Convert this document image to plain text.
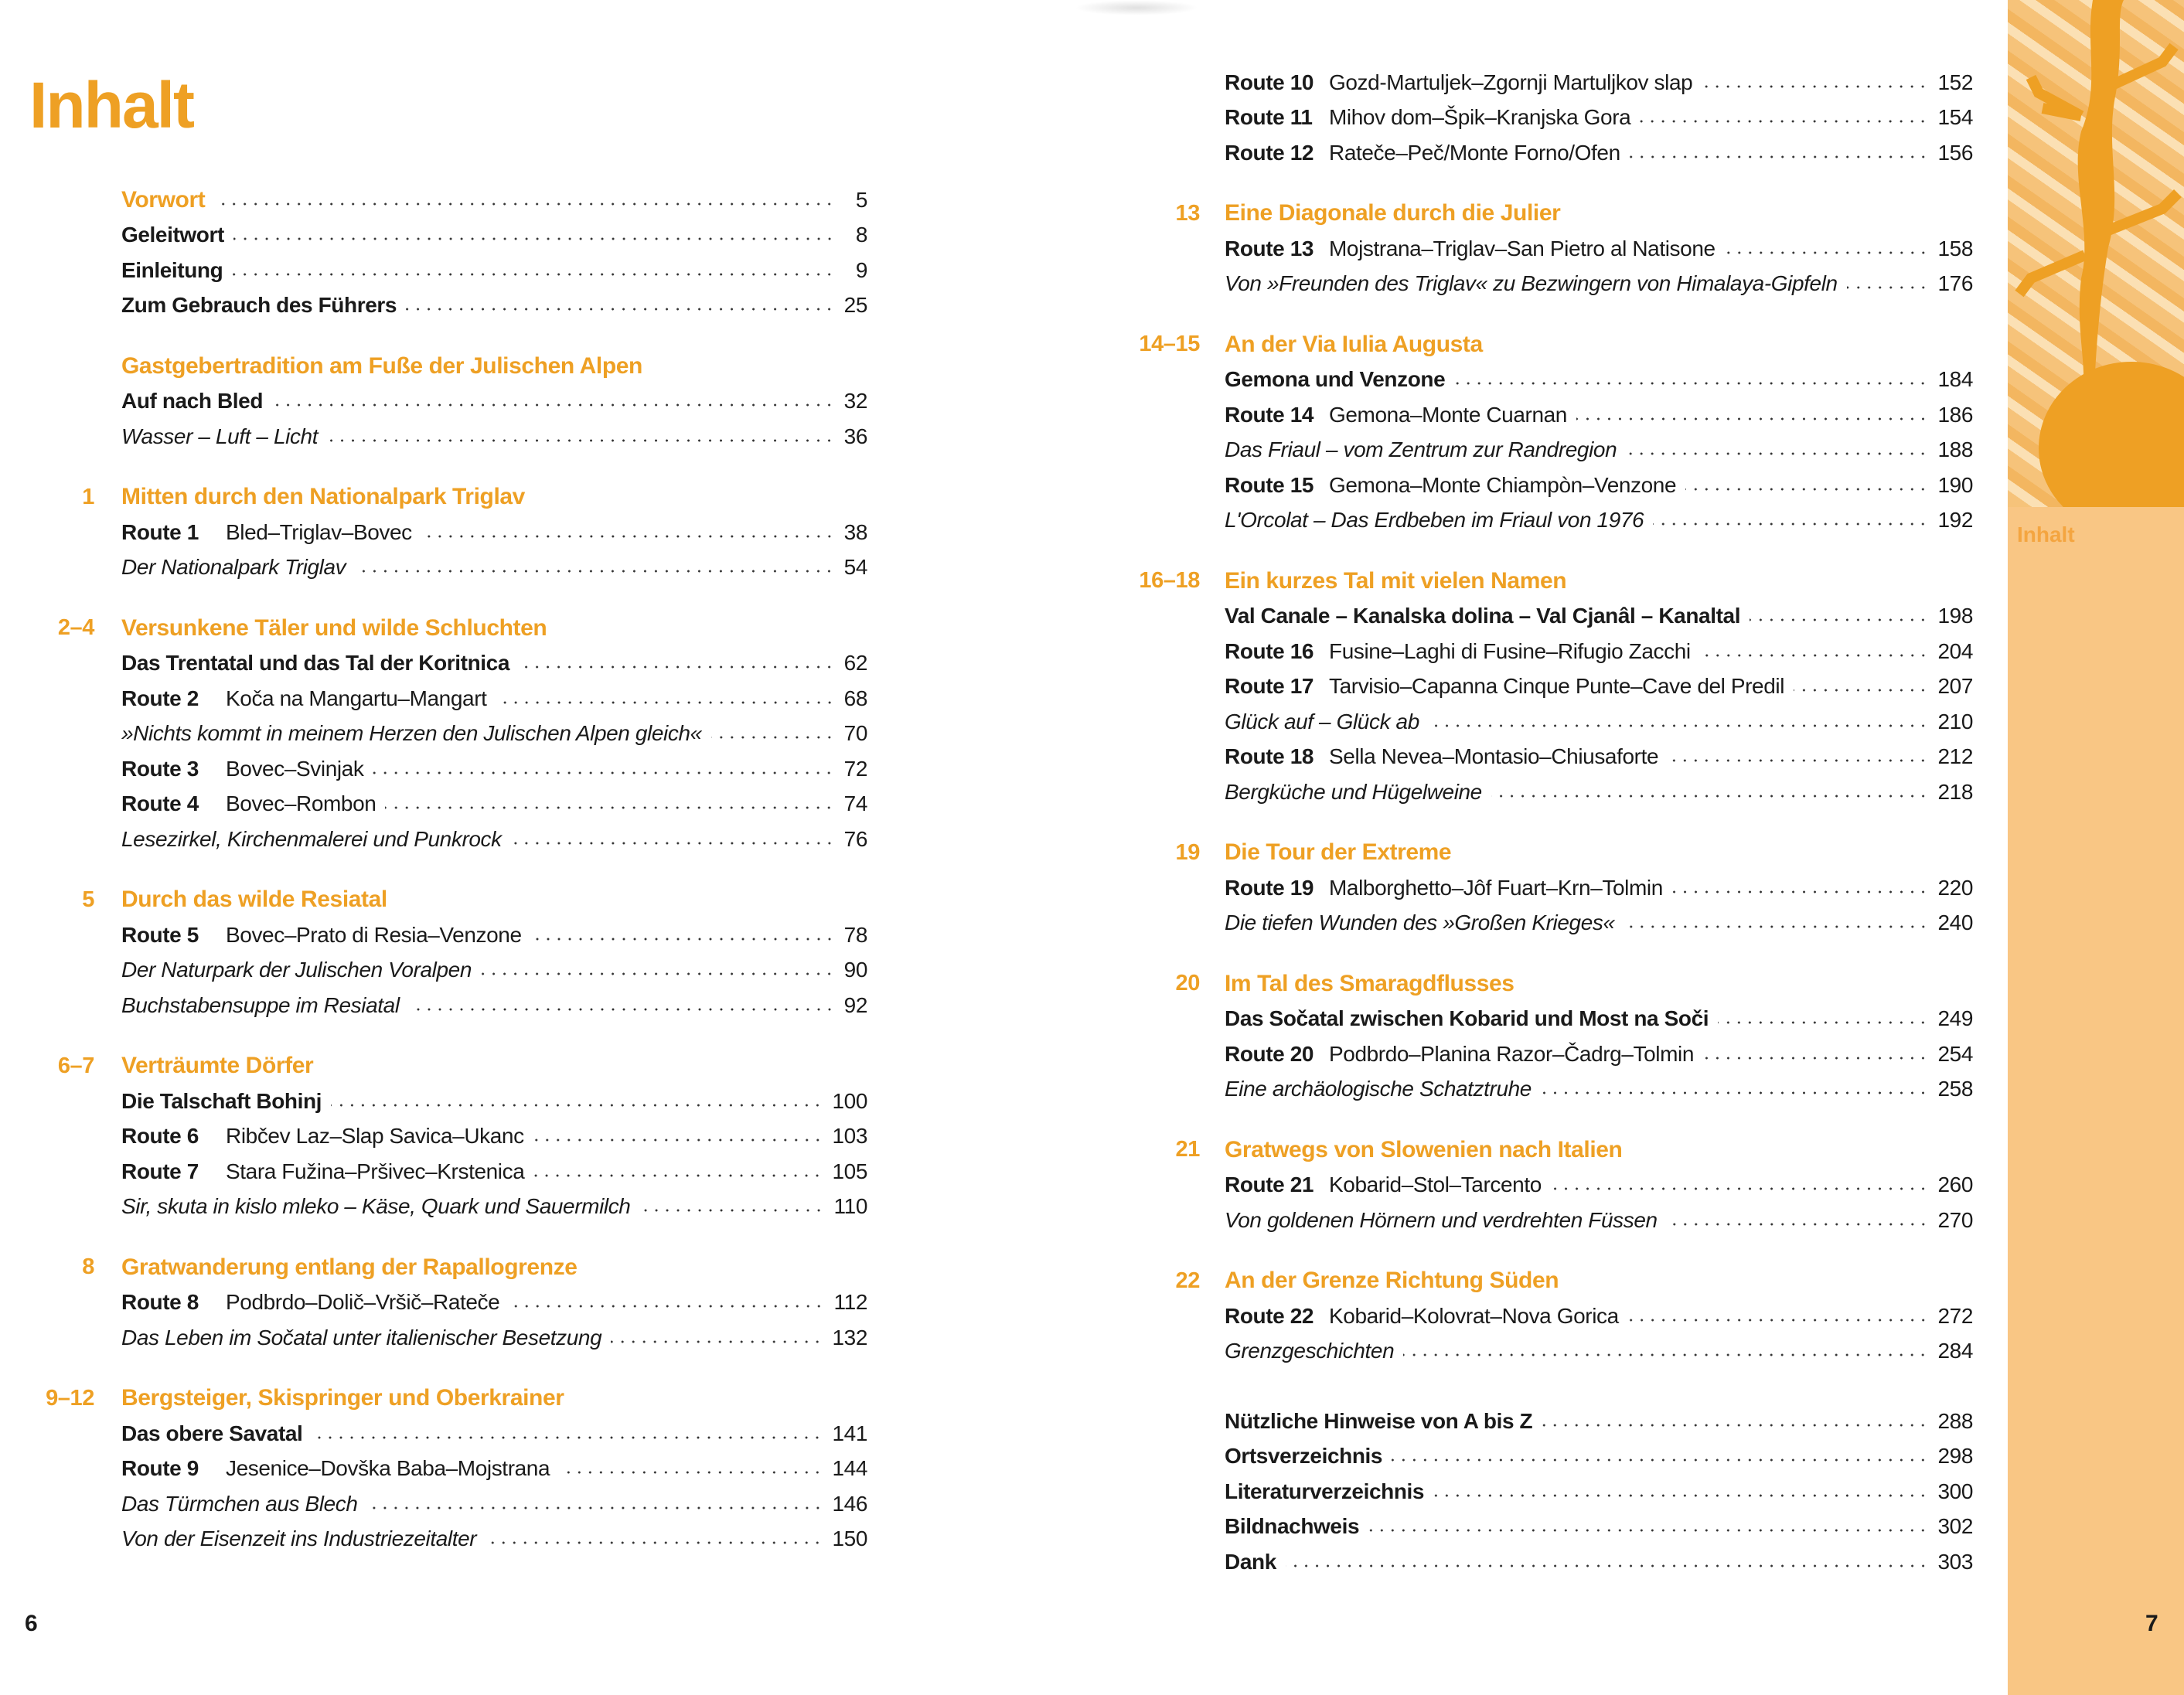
Inhalt
Vorwort	5
Geleitwort	8
Einleitung	9
Zum Gebrauch des Führers	25
Gastgebertradition am Fuße der Julischen Alpen
Auf nach Bled	32
Wasser – Luft – Licht	36
1 Mitten durch den Nationalpark Triglav
Route 1	Bled–Triglav–Bovec	38
Der Nationalpark Triglav	54
2–4 Versunkene Täler und wilde Schluchten
Das Trentatal und das Tal der Koritnica	62
Route 2	Koča na Mangartu–Mangart	68
»Nichts kommt in meinem Herzen den Julischen Alpen gleich«	70
Route 3	Bovec–Svinjak	72
Route 4	Bovec–Rombon	74
Lesezirkel, Kirchenmalerei und Punkrock	76
5 Durch das wilde Resiatal
Route 5	Bovec–Prato di Resia–Venzone	78
Der Naturpark der Julischen Voralpen	90
Buchstabensuppe im Resiatal	92
6–7 Verträumte Dörfer
Die Talschaft Bohinj	100
Route 6	Ribčev Laz–Slap Savica–Ukanc	103
Route 7	Stara Fužina–Pršivec–Krstenica	105
Sir, skuta in kislo mleko – Käse, Quark und Sauermilch	110
8 Gratwanderung entlang der Rapallogrenze
Route 8	Podbrdo–Dolič–Vršič–Rateče	112
Das Leben im Sočatal unter italienischer Besetzung	132
9–12 Bergsteiger, Skispringer und Oberkrainer
Das obere Savatal	141
Route 9	Jesenice–Dovška Baba–Mojstrana	144
Das Türmchen aus Blech	146
Von der Eisenzeit ins Industriezeitalter	150
Route 10 Gozd-Martuljek–Zgornji Martuljkov slap	152
Route 11 Mihov dom–Špik–Kranjska Gora	154
Route 12 Rateče–Peč/Monte Forno/Ofen	156
13 Eine Diagonale durch die Julier
Route 13 Mojstrana–Triglav–San Pietro al Natisone	158
Von »Freunden des Triglav« zu Bezwingern von Himalaya-Gipfeln	176
14–15 An der Via Iulia Augusta
Gemona und Venzone	184
Route 14 Gemona–Monte Cuarnan	186
Das Friaul – vom Zentrum zur Randregion	188
Route 15 Gemona–Monte Chiampòn–Venzone	190
L'Orcolat – Das Erdbeben im Friaul von 1976	192
16–18 Ein kurzes Tal mit vielen Namen
Val Canale – Kanalska dolina – Val Cjanâl – Kanaltal	198
Route 16 Fusine–Laghi di Fusine–Rifugio Zacchi	204
Route 17 Tarvisio–Capanna Cinque Punte–Cave del Predil	207
Glück auf – Glück ab	210
Route 18 Sella Nevea–Montasio–Chiusaforte	212
Bergküche und Hügelweine	218
19 Die Tour der Extreme
Route 19 Malborghetto–Jôf Fuart–Krn–Tolmin	220
Die tiefen Wunden des »Großen Krieges«	240
20 Im Tal des Smaragdflusses
Das Sočatal zwischen Kobarid und Most na Soči	249
Route 20 Podbrdo–Planina Razor–Čadrg–Tolmin	254
Eine archäologische Schatztruhe	258
21 Gratwegs von Slowenien nach Italien
Route 21 Kobarid–Stol–Tarcento	260
Von goldenen Hörnern und verdrehten Füssen	270
22 An der Grenze Richtung Süden
Route 22 Kobarid–Kolovrat–Nova Gorica	272
Grenzgeschichten	284
Nützliche Hinweise von A bis Z	288
Ortsverzeichnis	298
Literaturverzeichnis	300
Bildnachweis	302
Dank	303
Inhalt
6	7
